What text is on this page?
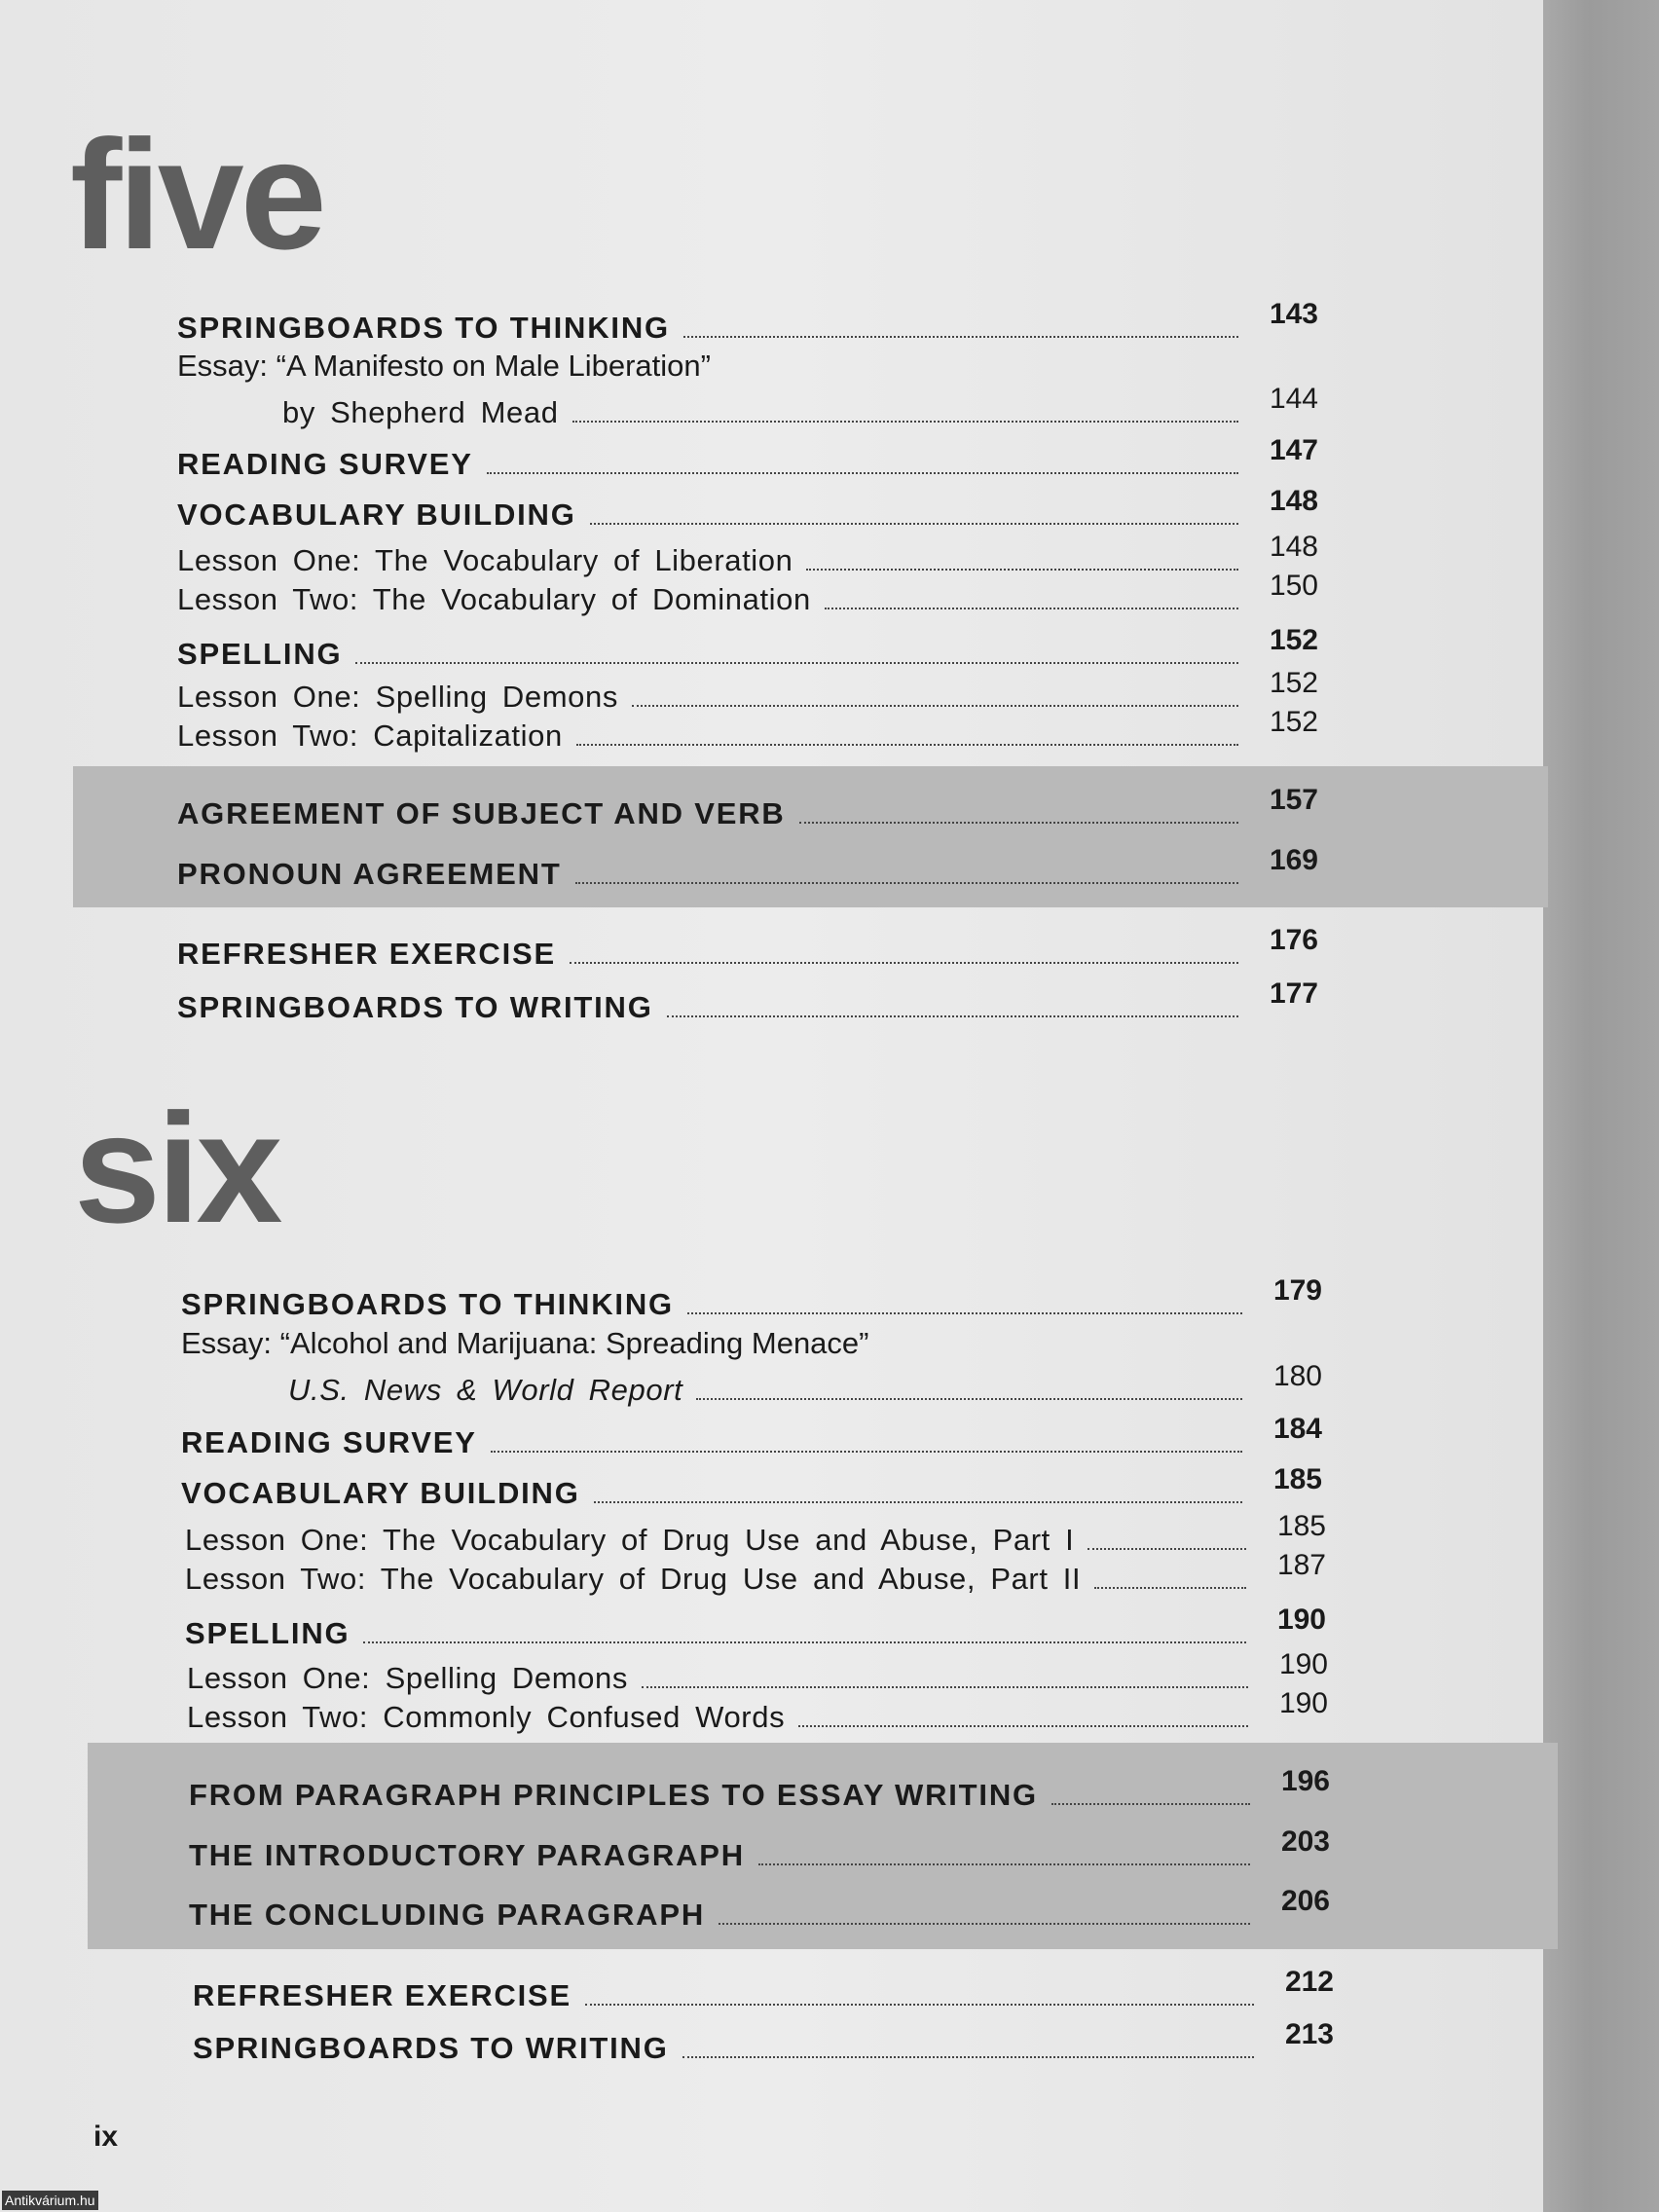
five
SPRINGBOARDS TO THINKING	143

Essay: “A Manifesto on Male Liberation”

by Shepherd Mead	144
READING SURVEY	147
VOCABULARY BUILDING	148
Lesson One: The Vocabulary of Liberation	148
Lesson Two: The Vocabulary of Domination	150
SPELLING	152
Lesson One: Spelling Demons	152
Lesson Two: Capitalization	152
AGREEMENT OF SUBJECT AND VERB	157
PRONOUN AGREEMENT	169
REFRESHER EXERCISE	176
SPRINGBOARDS TO WRITING	177
six
SPRINGBOARDS TO THINKING	179

Essay: “Alcohol and Marijuana: Spreading Menace”

U.S. News & World Report	180
READING SURVEY	184
VOCABULARY BUILDING	185
Lesson One: The Vocabulary of Drug Use and Abuse, Part I	185
Lesson Two: The Vocabulary of Drug Use and Abuse, Part II	187
SPELLING	190
Lesson One: Spelling Demons	190
Lesson Two: Commonly Confused Words	190
FROM PARAGRAPH PRINCIPLES TO ESSAY WRITING	196
THE INTRODUCTORY PARAGRAPH	203
THE CONCLUDING PARAGRAPH	206
REFRESHER EXERCISE	212
SPRINGBOARDS TO WRITING	213
ix
Antikvárium.hu
